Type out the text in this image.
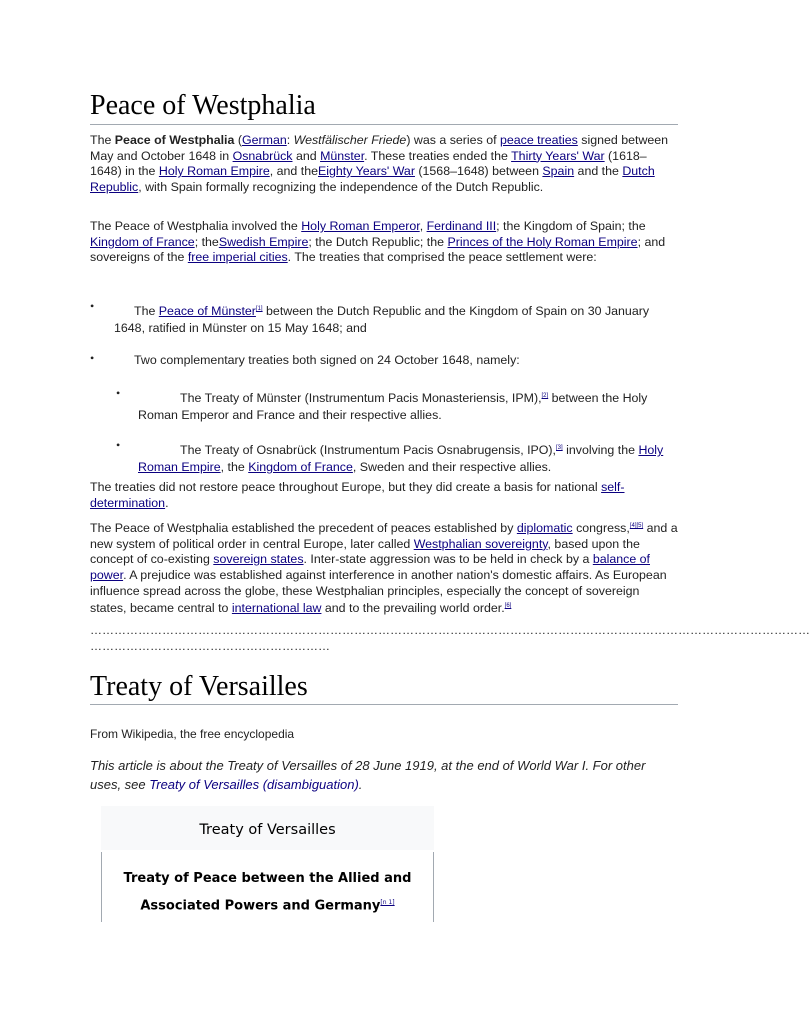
Peace of Westphalia

The Peace of Westphalia (German: Westfälischer Friede) was a series of peace treaties signed between May and October 1648 in Osnabrück and Münster. These treaties ended the Thirty Years' War (1618–1648) in the Holy Roman Empire, and theEighty Years' War (1568–1648) between Spain and the Dutch Republic, with Spain formally recognizing the independence of the Dutch Republic.

The Peace of Westphalia involved the Holy Roman Emperor, Ferdinand III; the Kingdom of Spain; the Kingdom of France; theSwedish Empire; the Dutch Republic; the Princes of the Holy Roman Empire; and sovereigns of the free imperial cities. The treaties that comprised the peace settlement were:

•	The Peace of Münster[1] between the Dutch Republic and the Kingdom of Spain on 30 January 1648, ratified in Münster on 15 May 1648; and

•	Two complementary treaties both signed on 24 October 1648, namely:

•	The Treaty of Münster (Instrumentum Pacis Monasteriensis, IPM),[2] between the Holy Roman Emperor and France and their respective allies.

•	The Treaty of Osnabrück (Instrumentum Pacis Osnabrugensis, IPO),[3] involving the Holy Roman Empire, the Kingdom of France, Sweden and their respective allies.

The treaties did not restore peace throughout Europe, but they did create a basis for national self-determination.

The Peace of Westphalia established the precedent of peaces established by diplomatic congress,[4][5] and a new system of political order in central Europe, later called Westphalian sovereignty, based upon the concept of co-existing sovereign states. Inter-state aggression was to be held in check by a balance of power. A prejudice was established against interference in another nation's domestic affairs. As European influence spread across the globe, these Westphalian principles, especially the concept of sovereign states, became central to international law and to the prevailing world order.[6]

………………………………………………………………………………………………………………………………………………………………
……………………………………………………
Treaty of Versailles
From Wikipedia, the free encyclopedia

This article is about the Treaty of Versailles of 28 June 1919, at the end of World War I. For other uses, see Treaty of Versailles (disambiguation).

Treaty of Versailles
Treaty of Peace between the Allied and Associated Powers and Germany[n 1]
